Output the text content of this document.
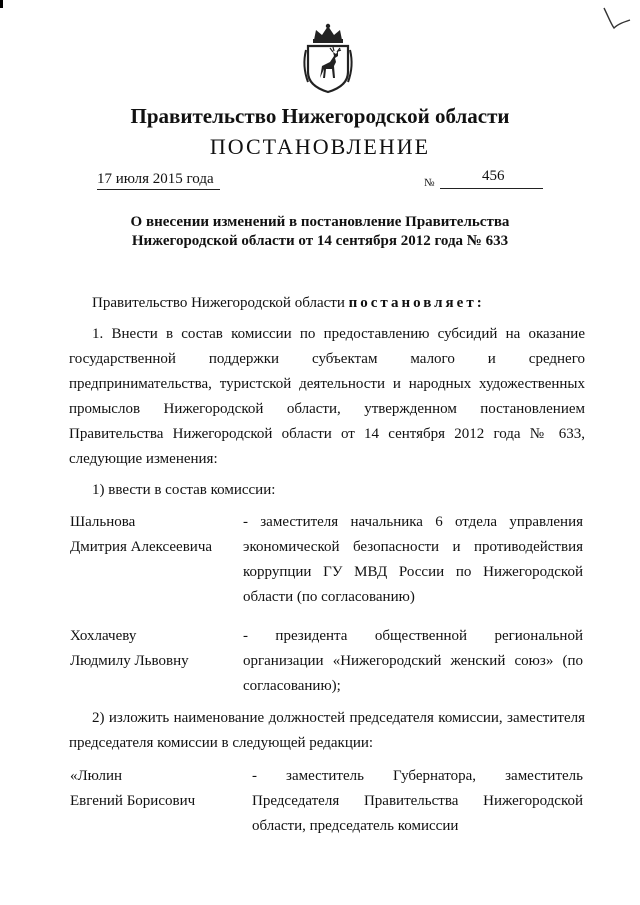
Правительство Нижегородской области
ПОСТАНОВЛЕНИЕ
17 июля 2015 года	№	456
О внесении изменений в постановление Правительства
Нижегородской области от 14 сентября 2012 года № 633
Правительство Нижегородской области постановляет:
1. Внести в состав комиссии по предоставлению субсидий на оказание государственной поддержки субъектам малого и среднего предпринимательства, туристской деятельности и народных художественных промыслов Нижегородской области, утвержденном постановлением Правительства Нижегородской области от 14 сентября 2012 года № 633, следующие изменения:
1) ввести в состав комиссии:
Шальнова
Дмитрия Алексеевича
- заместителя начальника 6 отдела управления экономической безопасности и противодействия коррупции ГУ МВД России по Нижегородской области (по согласованию)
Хохлачеву
Людмилу Львовну
- президента общественной региональной организации «Нижегородский женский союз» (по согласованию);
2) изложить наименование должностей председателя комиссии, заместителя председателя комиссии в следующей редакции:
«Люлин
Евгений Борисович
- заместитель Губернатора, заместитель Председателя Правительства Нижегородской области, председатель комиссии
